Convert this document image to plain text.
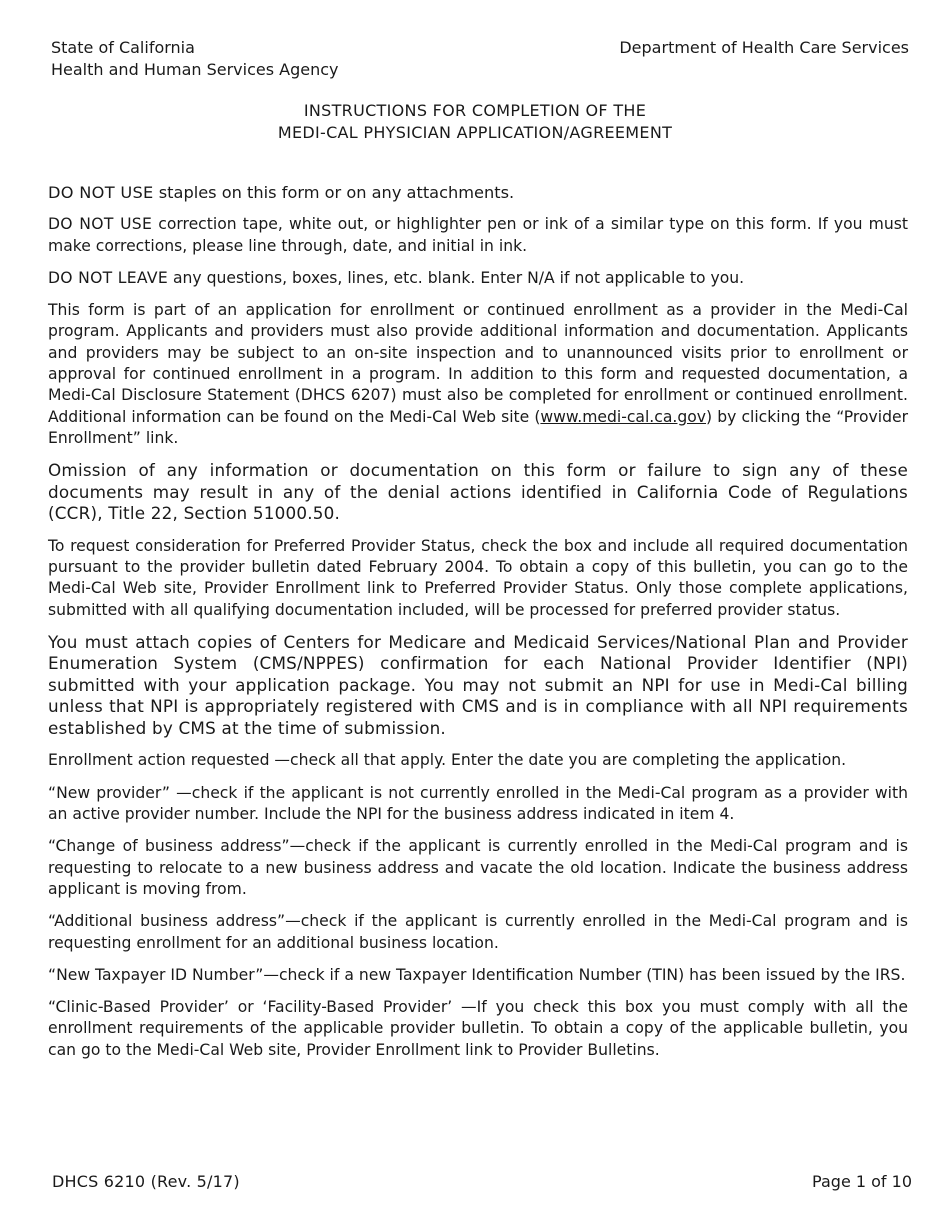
State of California
Health and Human Services Agency
Department of Health Care Services
INSTRUCTIONS FOR COMPLETION OF THE
MEDI-CAL PHYSICIAN APPLICATION/AGREEMENT

DO NOT USE staples on this form or on any attachments.

DO NOT USE correction tape, white out, or highlighter pen or ink of a similar type on this form. If you must make corrections, please line through, date, and initial in ink.

DO NOT LEAVE any questions, boxes, lines, etc. blank. Enter N/A if not applicable to you.

This form is part of an application for enrollment or continued enrollment as a provider in the Medi-Cal program. Applicants and providers must also provide additional information and documentation. Applicants and providers may be subject to an on-site inspection and to unannounced visits prior to enrollment or approval for continued enrollment in a program. In addition to this form and requested documentation, a Medi-Cal Disclosure Statement (DHCS 6207) must also be completed for enrollment or continued enrollment. Additional information can be found on the Medi-Cal Web site (www.medi-cal.ca.gov) by clicking the “Provider Enrollment” link.

Omission of any information or documentation on this form or failure to sign any of these documents may result in any of the denial actions identified in California Code of Regulations (CCR), Title 22, Section 51000.50.

To request consideration for Preferred Provider Status, check the box and include all required documentation pursuant to the provider bulletin dated February 2004. To obtain a copy of this bulletin, you can go to the Medi-Cal Web site, Provider Enrollment link to Preferred Provider Status. Only those complete applications, submitted with all qualifying documentation included, will be processed for preferred provider status.

You must attach copies of Centers for Medicare and Medicaid Services/National Plan and Provider Enumeration System (CMS/NPPES) confirmation for each National Provider Identifier (NPI) submitted with your application package. You may not submit an NPI for use in Medi-Cal billing unless that NPI is appropriately registered with CMS and is in compliance with all NPI requirements established by CMS at the time of submission.

Enrollment action requested —check all that apply. Enter the date you are completing the application.

“New provider” —check if the applicant is not currently enrolled in the Medi-Cal program as a provider with an active provider number. Include the NPI for the business address indicated in item 4.

“Change of business address”—check if the applicant is currently enrolled in the Medi-Cal program and is requesting to relocate to a new business address and vacate the old location. Indicate the business address applicant is moving from.

“Additional business address”—check if the applicant is currently enrolled in the Medi-Cal program and is requesting enrollment for an additional business location.

“New Taxpayer ID Number”—check if a new Taxpayer Identification Number (TIN) has been issued by the IRS.

“Clinic-Based Provider’ or ‘Facility-Based Provider’ —If you check this box you must comply with all the enrollment requirements of the applicable provider bulletin. To obtain a copy of the applicable bulletin, you can go to the Medi-Cal Web site, Provider Enrollment link to Provider Bulletins.

DHCS 6210 (Rev. 5/17)	Page 1 of 10
